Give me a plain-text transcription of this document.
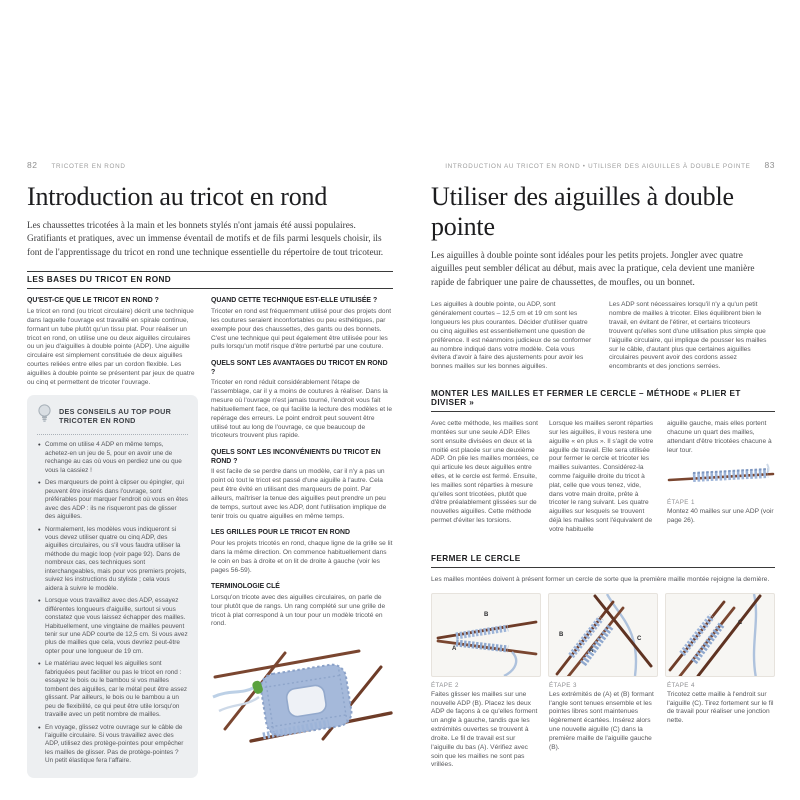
82 TRICOTER EN ROND	INTRODUCTION AU TRICOT EN ROND • UTILISER DES AIGUILLES À DOUBLE POINTE 83
Introduction au tricot en rond

Les chaussettes tricotées à la main et les bonnets stylés n'ont jamais été aussi populaires. Gratifiants et pratiques, avec un immense éventail de motifs et de fils parmi lesquels choisir, ils font de l'apprentissage du tricot en rond une technique essentielle du répertoire de tout tricoteur.

LES BASES DU TRICOT EN ROND
QU'EST-CE QUE LE TRICOT EN ROND ?

Le tricot en rond (ou tricot circulaire) décrit une technique dans laquelle l'ouvrage est travaillé en spirale continue, formant un tube plutôt qu'un tissu plat. Pour réaliser un tricot en rond, on utilise une ou deux aiguilles circulaires ou un jeu d'aiguilles à double pointe (ADP). Une aiguille circulaire est simplement constituée de deux aiguilles courtes reliées entre elles par un cordon flexible. Les aiguilles à double pointe se présentent par jeux de quatre ou cinq et permettent de tricoter l'ouvrage.

DES CONSEILS AU TOP POUR TRICOTER EN ROND
• Comme on utilise 4 ADP en même temps, achetez-en un jeu de 5, pour en avoir une de rechange au cas où vous en perdiez une ou que vous la cassiez !
• Des marqueurs de point à clipser ou épingler, qui peuvent être insérés dans l'ouvrage, sont préférables pour marquer l'endroit où vous en êtes avec des ADP : ils ne risqueront pas de glisser des aiguilles.
• Normalement, les modèles vous indiqueront si vous devez utiliser quatre ou cinq ADP, des aiguilles circulaires, ou s'il vous faudra utiliser la méthode du magic loop (voir page 92). Dans de nombreux cas, ces techniques sont interchangeables, mais pour vos premiers projets, suivez les instructions du styliste ; cela vous aidera à suivre le modèle.
• Lorsque vous travaillez avec des ADP, essayez différentes longueurs d'aiguille, surtout si vous constatez que vous laissez échapper des mailles. Habituellement, une vingtaine de mailles peuvent tenir sur une ADP courte de 12,5 cm. Si vous avez plus de mailles que cela, vous devriez peut-être opter pour une longueur de 19 cm.
• Le matériau avec lequel les aiguilles sont fabriquées peut faciliter ou pas le tricot en rond : essayez le bois ou le bambou si vos mailles tombent des aiguilles, car le métal peut être assez glissant. Par ailleurs, le bois ou le bambou a un peu de flexibilité, ce qui peut être utile lorsqu'on travaille avec un petit nombre de mailles.
• En voyage, glissez votre ouvrage sur le câble de l'aiguille circulaire. Si vous travaillez avec des ADP, utilisez des protège-pointes pour empêcher les mailles de glisser. Pas de protège-pointes ? Un petit élastique fera l'affaire.
QUAND CETTE TECHNIQUE EST-ELLE UTILISÉE ?

Tricoter en rond est fréquemment utilisé pour des projets dont les coutures seraient inconfortables ou peu esthétiques, par exemple pour des chaussettes, des gants ou des bonnets. C'est une technique qui peut également être utilisée pour les pulls lorsqu'un motif risque d'être perturbé par une couture.

QUELS SONT LES AVANTAGES DU TRICOT EN ROND ?

Tricoter en rond réduit considérablement l'étape de l'assemblage, car il y a moins de coutures à réaliser. Dans la mesure où l'ouvrage n'est jamais tourné, l'endroit vous fait habituellement face, ce qui facilite la lecture des modèles et le repérage des erreurs. Le point endroit peut souvent être utilisé tout au long de l'ouvrage, ce que beaucoup de tricoteurs trouvent plus rapide.

QUELS SONT LES INCONVÉNIENTS DU TRICOT EN ROND ?

Il est facile de se perdre dans un modèle, car il n'y a pas un point où tout le tricot est passé d'une aiguille à l'autre. Cela peut être évité en utilisant des marqueurs de point. Par ailleurs, maîtriser la tenue des aiguilles peut prendre un peu de temps, surtout avec les ADP, dont l'utilisation implique de tenir trois ou quatre aiguilles en même temps.

LES GRILLES POUR LE TRICOT EN ROND

Pour les projets tricotés en rond, chaque ligne de la grille se lit dans la même direction. On commence habituellement dans le coin en bas à droite et on lit de droite à gauche (voir les pages 56-59).

TERMINOLOGIE CLÉ

Lorsqu'on tricote avec des aiguilles circulaires, on parle de tour plutôt que de rangs. Un rang complété sur une grille de tricot à plat correspond à un tour pour un modèle tricoté en rond.

Utiliser des aiguilles à double pointe

Les aiguilles à double pointe sont idéales pour les petits projets. Jongler avec quatre aiguilles peut sembler délicat au début, mais avec la pratique, cela devient une manière rapide de fabriquer une paire de chaussettes, de moufles, ou un bonnet.

Les aiguilles à double pointe, ou ADP, sont généralement courtes – 12,5 cm et 19 cm sont les longueurs les plus courantes. Décider d'utiliser quatre ou cinq aiguilles est essentiellement une question de préférence. Il est néanmoins judicieux de se conformer au nombre indiqué dans votre modèle. Cela vous évitera d'avoir à faire des ajustements pour avoir les bonnes mailles sur les bonnes aiguilles.

Les ADP sont nécessaires lorsqu'il n'y a qu'un petit nombre de mailles à tricoter. Elles équilibrent bien le travail, en évitant de l'étirer, et certains tricoteurs trouvent qu'elles sont d'une utilisation plus simple que l'aiguille circulaire, qui implique de pousser les mailles sur le câble, d'autant plus que certaines aiguilles circulaires peuvent avoir des cordons assez encombrants et des jonctions serrées.

MONTER LES MAILLES ET FERMER LE CERCLE – MÉTHODE « PLIER ET DIVISER »

Avec cette méthode, les mailles sont montées sur une seule ADP. Elles sont ensuite divisées en deux et la moitié est placée sur une deuxième ADP. On plie les mailles montées, ce qui articule les deux aiguilles entre elles, et le cercle est fermé. Ensuite, les mailles sont réparties à mesure qu'elles sont tricotées, plutôt que d'être préalablement glissées sur de nouvelles aiguilles. Cette méthode permet d'éviter les torsions.

Lorsque les mailles seront réparties sur les aiguilles, il vous restera une aiguille « en plus ». Il s'agit de votre aiguille de travail. Elle sera utilisée pour fermer le cercle et tricoter les mailles suivantes. Considérez-la comme l'aiguille droite du tricot à plat, celle que vous tenez, vide, dans votre main droite, prête à tricoter le rang suivant. Les quatre aiguilles sur lesquels se trouvent déjà les mailles sont l'équivalent de votre habituelle

aiguille gauche, mais elles portent chacune un quart des mailles, attendant d'être tricotées chacune à leur tour.

ÉTAPE 1

Montez 40 mailles sur une ADP (voir page 26).

FERMER LE CERCLE

Les mailles montées doivent à présent former un cercle de sorte que la première maille montée rejoigne la dernière.

B
A
B
A
C
C
ÉTAPE 2

Faites glisser les mailles sur une nouvelle ADP (B). Placez les deux ADP de façons à ce qu'elles forment un angle à gauche, tandis que les extrémités ouvertes se trouvent à droite. Le fil de travail est sur l'aiguille du bas (A). Vérifiez avec soin que les mailles ne sont pas vrillées.

ÉTAPE 3

Les extrémités de (A) et (B) formant l'angle sont tenues ensemble et les pointes libres sont maintenues légèrement écartées. Insérez alors une nouvelle aiguille (C) dans la première maille de l'aiguille gauche (B).

ÉTAPE 4

Tricotez cette maille à l'endroit sur l'aiguille (C). Tirez fortement sur le fil de travail pour réaliser une jonction nette.
